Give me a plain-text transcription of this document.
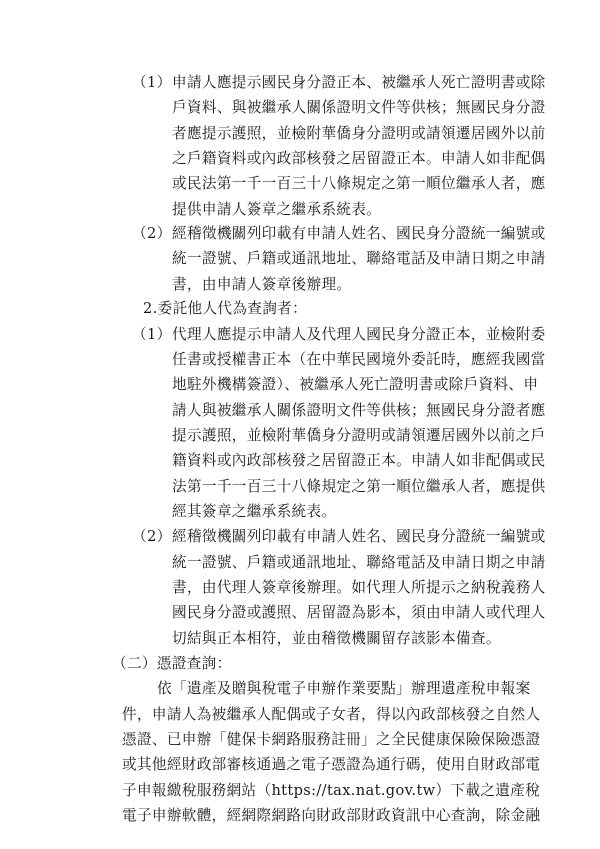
（1） 申請人應提示國民身分證正本、被繼承人死亡證明書或除
戶資料、與被繼承人關係證明文件等供核；無國民身分證
者應提示護照，並檢附華僑身分證明或請領遷居國外以前
之戶籍資料或內政部核發之居留證正本。申請人如非配偶
或民法第一千一百三十八條規定之第一順位繼承人者，應
提供申請人簽章之繼承系統表。
（2） 經稽徵機關列印載有申請人姓名、國民身分證統一編號或
統一證號、戶籍或通訊地址、聯絡電話及申請日期之申請
書，由申請人簽章後辦理。
2.委託他人代為查詢者：
（1） 代理人應提示申請人及代理人國民身分證正本，並檢附委
任書或授權書正本（在中華民國境外委託時，應經我國當
地駐外機構簽證）、被繼承人死亡證明書或除戶資料、申
請人與被繼承人關係證明文件等供核；無國民身分證者應
提示護照，並檢附華僑身分證明或請領遷居國外以前之戶
籍資料或內政部核發之居留證正本。申請人如非配偶或民
法第一千一百三十八條規定之第一順位繼承人者，應提供
經其簽章之繼承系統表。
（2） 經稽徵機關列印載有申請人姓名、國民身分證統一編號或
統一證號、戶籍或通訊地址、聯絡電話及申請日期之申請
書，由代理人簽章後辦理。如代理人所提示之納稅義務人
國民身分證或護照、居留證為影本，須由申請人或代理人
切結與正本相符，並由稽徵機關留存該影本備查。
（二）憑證查詢：
依「遺產及贈與稅電子申辦作業要點」辦理遺產稅申報案
件，申請人為被繼承人配偶或子女者，得以內政部核發之自然人
憑證、已申辦「健保卡網路服務註冊」之全民健康保險保險憑證
或其他經財政部審核通過之電子憑證為通行碼，使用自財政部電
子申報繳稅服務網站（https://tax.nat.gov.tw）下載之遺產稅
電子申辦軟體，經網際網路向財政部財政資訊中心查詢，除金融
